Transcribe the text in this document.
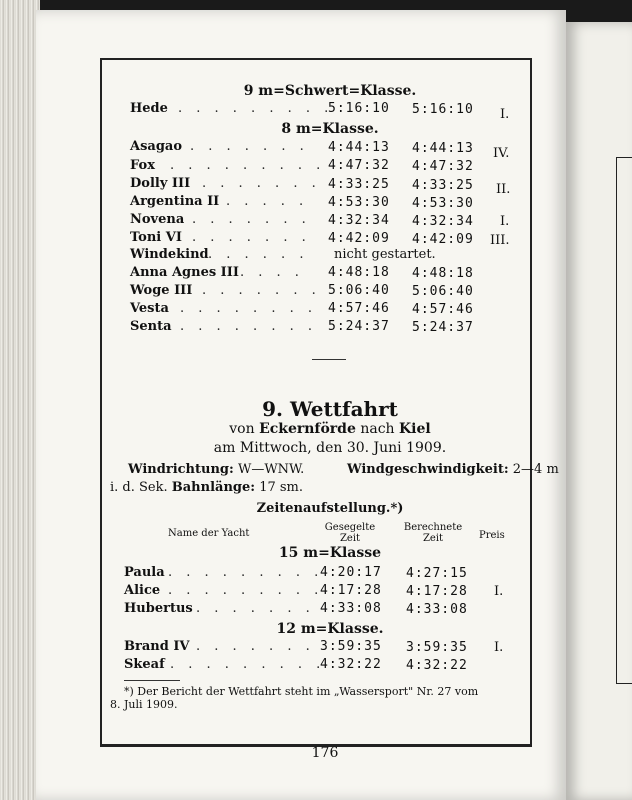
9 m=Schwert=Klasse.
Hede . . . . . . . . .
5:16:10 5:16:10 I.
8 m=Klasse.
Asagao . . . . . . . 4:44:13 4:44:13 IV.
Fox . . . . . . . . . 4:47:32 4:47:32
Dolly III . . . . . . . 4:33:25 4:33:25 II.
Argentina II . . . . . 4:53:30 4:53:30
Novena . . . . . . . 4:32:34 4:32:34 I.
Toni VI . . . . . . . 4:42:09 4:42:09 III.
Windekind . . . . . . nicht gestartet.
Anna Agnes III . . . . 4:48:18 4:48:18
Woge III . . . . . . . 5:06:40 5:06:40
Vesta . . . . . . . . 4:57:46 4:57:46
Senta . . . . . . . . 5:24:37 5:24:37
9. Wettfahrt
von Eckernförde nach Kiel
am Mittwoch, den 30. Juni 1909.
Windrichtung: W—WNW.	Windgeschwindigkeit: 2—4 m
i. d. Sek. Bahnlänge: 17 sm.
Zeitenaufstellung.*)
Name der Yacht
Gesegelte
Zeit
Berechnete
Zeit	Preis
15 m=Klasse
Paula . . . . . . . . .
4:20:17 4:27:15
Alice . . . . . . . . .
4:17:28 4:17:28 I.
Hubertus . . . . . . . 4:33:08 4:33:08
12 m=Klasse.
Brand IV . . . . . . . 3:59:35 3:59:35 I.
Skeaf . . . . . . . . .
4:32:22 4:32:22
*) Der Bericht der Wettfahrt steht im „Wassersport" Nr. 27 vom
8. Juli 1909.
176
